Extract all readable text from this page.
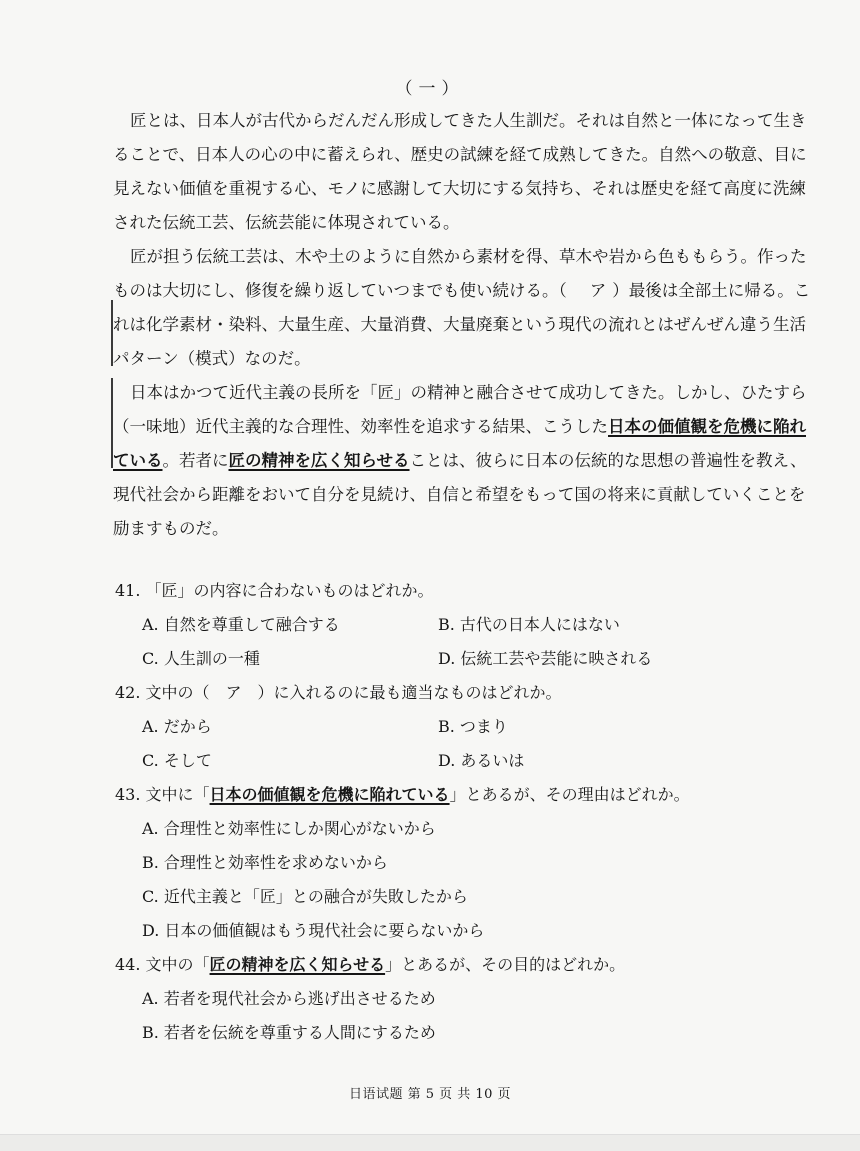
（一）

匠とは、日本人が古代からだんだん形成してきた人生訓だ。それは自然と一体になって生きることで、日本人の心の中に蓄えられ、歴史の試練を経て成熟してきた。自然への敬意、目に見えない価値を重視する心、モノに感謝して大切にする気持ち、それは歴史を経て高度に洗練された伝統工芸、伝統芸能に体現されている。

匠が担う伝統工芸は、木や土のように自然から素材を得、草木や岩から色ももらう。作ったものは大切にし、修復を繰り返していつまでも使い続ける。（ ア ）最後は全部土に帰る。これは化学素材・染料、大量生産、大量消費、大量廃棄という現代の流れとはぜんぜん違う生活パターン（模式）なのだ。

日本はかつて近代主義の長所を「匠」の精神と融合させて成功してきた。しかし、ひたすら（一味地）近代主義的な合理性、効率性を追求する結果、こうした日本の価値観を危機に陥れている。若者に匠の精神を広く知らせることは、彼らに日本の伝統的な思想の普遍性を教え、現代社会から距離をおいて自分を見続け、自信と希望をもって国の将来に貢献していくことを励ますものだ。

41. 「匠」の内容に合わないものはどれか。
A. 自然を尊重して融合する	B. 古代の日本人にはない
C. 人生訓の一種	D. 伝統工芸や芸能に映される
42. 文中の（　ア　）に入れるのに最も適当なものはどれか。
A. だから	B. つまり
C. そして	D. あるいは
43. 文中に「日本の価値観を危機に陥れている」とあるが、その理由はどれか。
A. 合理性と効率性にしか関心がないから
B. 合理性と効率性を求めないから
C. 近代主義と「匠」との融合が失敗したから
D. 日本の価値観はもう現代社会に要らないから
44. 文中の「匠の精神を広く知らせる」とあるが、その目的はどれか。
A. 若者を現代社会から逃げ出させるため
B. 若者を伝統を尊重する人間にするため
日语试题 第 5 页 共 10 页
